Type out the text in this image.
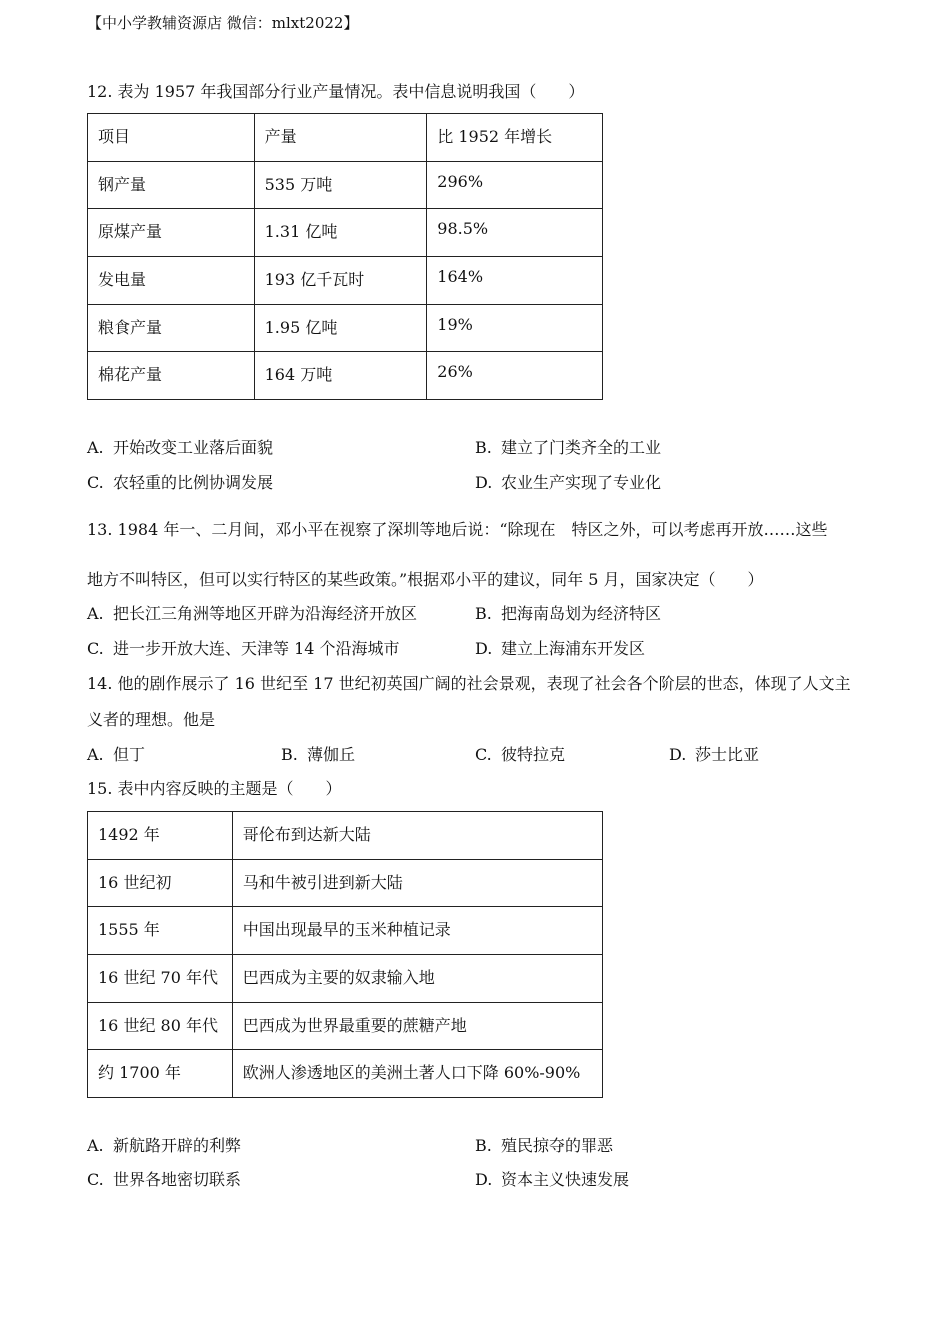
【中小学教辅资源店 微信：mlxt2022】
12. 表为 1957 年我国部分行业产量情况。表中信息说明我国（　　）
项目	产量	比 1952 年增长
钢产量	535 万吨	296%
原煤产量	1.31 亿吨	98.5%
发电量	193 亿千瓦时	164%
粮食产量	1.95 亿吨	19%
棉花产量	164 万吨	26%
A. 开始改变工业落后面貌	B. 建立了门类齐全的工业
C. 农轻重的比例协调发展	D. 农业生产实现了专业化
13. 1984 年一、二月间，邓小平在视察了深圳等地后说：“除现在　特区之外，可以考虑再开放……这些
地方不叫特区，但可以实行特区的某些政策。”根据邓小平的建议，同年 5 月，国家决定（　　）
A. 把长江三角洲等地区开辟为沿海经济开放区	B. 把海南岛划为经济特区
C. 进一步开放大连、天津等 14 个沿海城市	D. 建立上海浦东开发区
14. 他的剧作展示了 16 世纪至 17 世纪初英国广阔的社会景观，表现了社会各个阶层的世态，体现了人文主
义者的理想。他是
A. 但丁	B. 薄伽丘	C. 彼特拉克	D. 莎士比亚
15. 表中内容反映的主题是（　　）
1492 年	哥伦布到达新大陆
16 世纪初	马和牛被引进到新大陆
1555 年	中国出现最早的玉米种植记录
16 世纪 70 年代	巴西成为主要的奴隶输入地
16 世纪 80 年代	巴西成为世界最重要的蔗糖产地
约 1700 年	欧洲人渗透地区的美洲土著人口下降 60%-90%
A. 新航路开辟的利弊	B. 殖民掠夺的罪恶
C. 世界各地密切联系	D. 资本主义快速发展
